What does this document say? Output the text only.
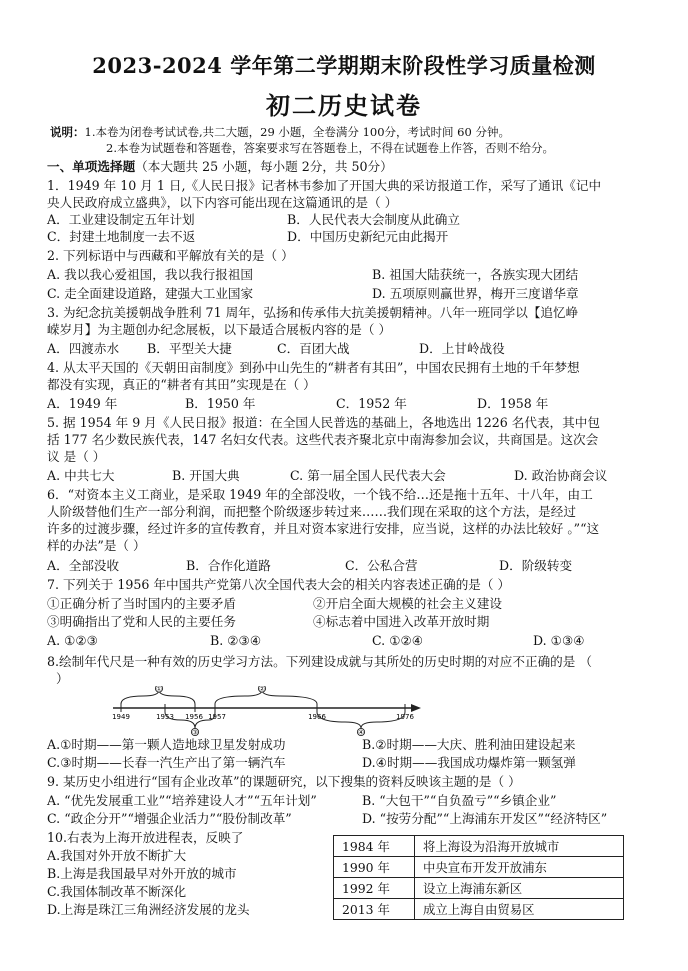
2023-2024 学年第二学期期末阶段性学习质量检测
初二历史试卷
说明：1.本卷为闭卷考试试卷,共二大题，29 小题，全卷满分 100分，考试时间 60 分钟。
2.本卷为试题卷和答题卷，答案要求写在答题卷上，不得在试题卷上作答，否则不给分。
一、单项选择题（本大题共 25 小题，每小题 2分，共 50分）
1．1949 年 10 月 1 日,《人民日报》记者林韦参加了开国大典的采访报道工作，采写了通讯《记中
央人民政府成立盛典》，以下内容可能出现在这篇通讯的是（ ）
A．工业建设制定五年计划	B．人民代表大会制度从此确立
C．封建土地制度一去不返	D．中国历史新纪元由此揭开
2. 下列标语中与西藏和平解放有关的是（ ）
A. 我以我心爱祖国，我以我行报祖国	B. 祖国大陆获统一，各族实现大团结
C. 走全面建设道路，建强大工业国家	D. 五项原则赢世界，梅开三度谱华章
3. 为纪念抗美援朝战争胜利 71 周年，弘扬和传承伟大抗美援朝精神。八年一班同学以【追忆峥
嵘岁月】为主题创办纪念展板，以下最适合展板内容的是（ ）
A．四渡赤水 B．平型关大捷	C．百团大战	D．上甘岭战役
4. 从太平天国的《天朝田亩制度》到孙中山先生的“耕者有其田”，中国农民拥有土地的千年梦想
都没有实现，真正的“耕者有其田”实现是在（ ）
A．1949 年	B．1950 年	C．1952 年	D．1958 年
5. 据 1954 年 9 月《人民日报》报道：在全国人民普选的基础上，各地选出 1226 名代表，其中包
括 177 名少数民族代表，147 名妇女代表。这些代表齐聚北京中南海参加会议，共商国是。这次会
议 是（ ）
A. 中共七大	B. 开国大典	C. 第一届全国人民代表大会	D. 政治协商会议
6．“对资本主义工商业，是采取 1949 年的全部没收，一个钱不给…还是拖十五年、十八年，由工
人阶级替他们生产一部分利润，而把整个阶级逐步转过来……我们现在采取的这个方法，是经过
许多的过渡步骤，经过许多的宣传教育，并且对资本家进行安排，应当说，这样的办法比较好 。”“这
样的办法”是（ ）
A．全部没收	B．合作化道路	C．公私合营	D．阶级转变
7. 下列关于 1956 年中国共产党第八次全国代表大会的相关内容表述正确的是（ ）
①正确分析了当时国内的主要矛盾	②开启全面大规模的社会主义建设
③明确指出了党和人民的主要任务	④标志着中国进入改革开放时期
A. ①②③	B. ②③④	C. ①②④	D. ①③④
8.绘制年代尺是一种有效的历史学习方法。下列建设成就与其所处的历史时期的对应不正确的是 （
）
1949	1953 1956 1957	1966	1976
①	②
③	④
A.①时期——第一颗人造地球卫星发射成功	B.②时期——大庆、胜利油田建设起来
C.③时期——长春一汽生产出了第一辆汽车	D.④时期——我国成功爆炸第一颗氢弹
9. 某历史小组进行“国有企业改革”的课题研究，以下搜集的资料反映该主题的是（ ）
A. “优先发展重工业”“培养建设人才”“五年计划”	B. “大包干”“自负盈亏”“乡镇企业”
C. “政企分开”“增强企业活力”“股份制改革”	D. “按劳分配”“上海浦东开发区”“经济特区”
10.右表为上海开放进程表，反映了
A.我国对外开放不断扩大
B.上海是我国最早对外开放的城市
C.我国体制改革不断深化
D.上海是珠江三角洲经济发展的龙头
1984 年	将上海设为沿海开放城市
1990 年	中央宣布开发开放浦东
1992 年	设立上海浦东新区
2013 年	成立上海自由贸易区
